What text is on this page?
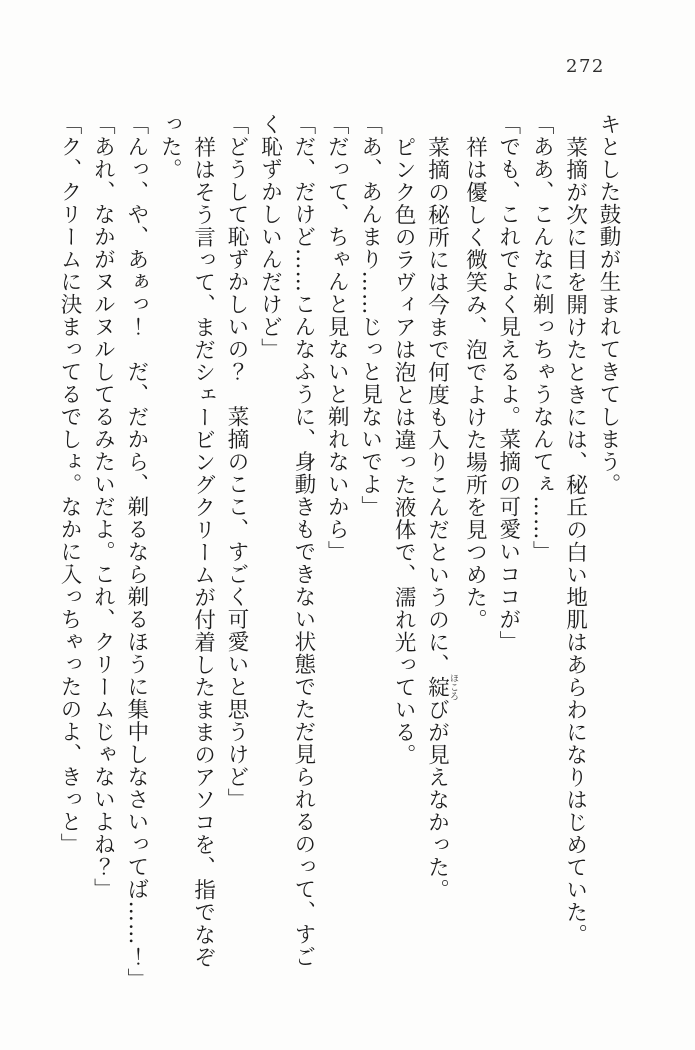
272

キとした鼓動が生まれてきてしまう。

菜摘が次に目を開けたときには、秘丘の白い地肌はあらわになりはじめていた。

「ああ、こんなに剃っちゃうなんてぇ……」

「でも、これでよく見えるよ。菜摘の可愛いココが」

祥は優しく微笑み、泡でよけた場所を見つめた。

菜摘の秘所には今まで何度も入りこんだというのに、綻ほころびが見えなかった。

ピンク色のラヴィアは泡とは違った液体で、濡れ光っている。

「あ、あんまり……じっと見ないでよ」

「だって、ちゃんと見ないと剃れないから」

「だ、だけど……こんなふうに、身動きもできない状態でただ見られるのって、すご

く恥ずかしいんだけど」

「どうして恥ずかしいの？　菜摘のここ、すごく可愛いと思うけど」

祥はそう言って、まだシェービングクリームが付着したままのアソコを、指でなぞ

った。

「んっ、や、あぁっ！　だ、だから、剃るなら剃るほうに集中しなさいってば……！」

「あれ、なかがヌルヌルしてるみたいだよ。これ、クリームじゃないよね？」

「ク、クリームに決まってるでしょ。なかに入っちゃったのよ、きっと」
